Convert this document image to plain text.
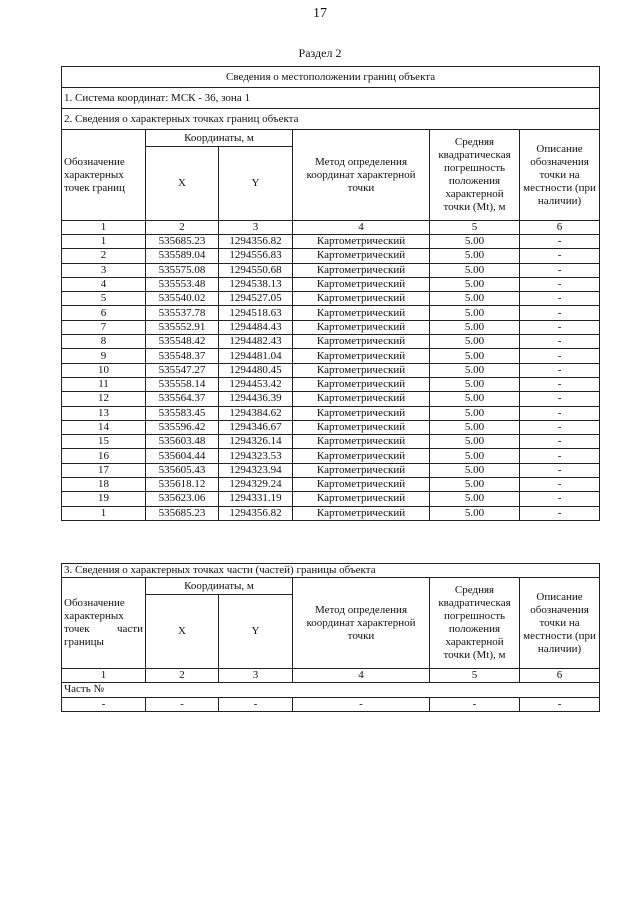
17
Раздел 2
Сведения о местоположении границ объекта					
1. Система координат: МСК - 36, зона 1					
2. Сведения о характерных точках границ объекта					
Обозначение характерных точек границ	Координаты, м		Метод определения координат характерной точки	Средняя квадратическая погрешность положения характерной точки (Mt), м	Описание обозначения точки на местности (при наличии)
	X	Y			
1	2	3	4	5	6
1	535685.23	1294356.82	Картометрический	5.00	-
2	535589.04	1294556.83	Картометрический	5.00	-
3	535575.08	1294550.68	Картометрический	5.00	-
4	535553.48	1294538.13	Картометрический	5.00	-
5	535540.02	1294527.05	Картометрический	5.00	-
6	535537.78	1294518.63	Картометрический	5.00	-
7	535552.91	1294484.43	Картометрический	5.00	-
8	535548.42	1294482.43	Картометрический	5.00	-
9	535548.37	1294481.04	Картометрический	5.00	-
10	535547.27	1294480.45	Картометрический	5.00	-
11	535558.14	1294453.42	Картометрический	5.00	-
12	535564.37	1294436.39	Картометрический	5.00	-
13	535583.45	1294384.62	Картометрический	5.00	-
14	535596.42	1294346.67	Картометрический	5.00	-
15	535603.48	1294326.14	Картометрический	5.00	-
16	535604.44	1294323.53	Картометрический	5.00	-
17	535605.43	1294323.94	Картометрический	5.00	-
18	535618.12	1294329.24	Картометрический	5.00	-
19	535623.06	1294331.19	Картометрический	5.00	-
1	535685.23	1294356.82	Картометрический	5.00	-
3. Сведения о характерных точках части (частей) границы объекта					
Обозначение характерных точек части границы	Координаты, м		Метод определения координат характерной точки	Средняя квадратическая погрешность положения характерной точки (Mt), м	Описание обозначения точки на местности (при наличии)
	X	Y			
1	2	3	4	5	6
Часть №					
-	-	-	-	-	-
